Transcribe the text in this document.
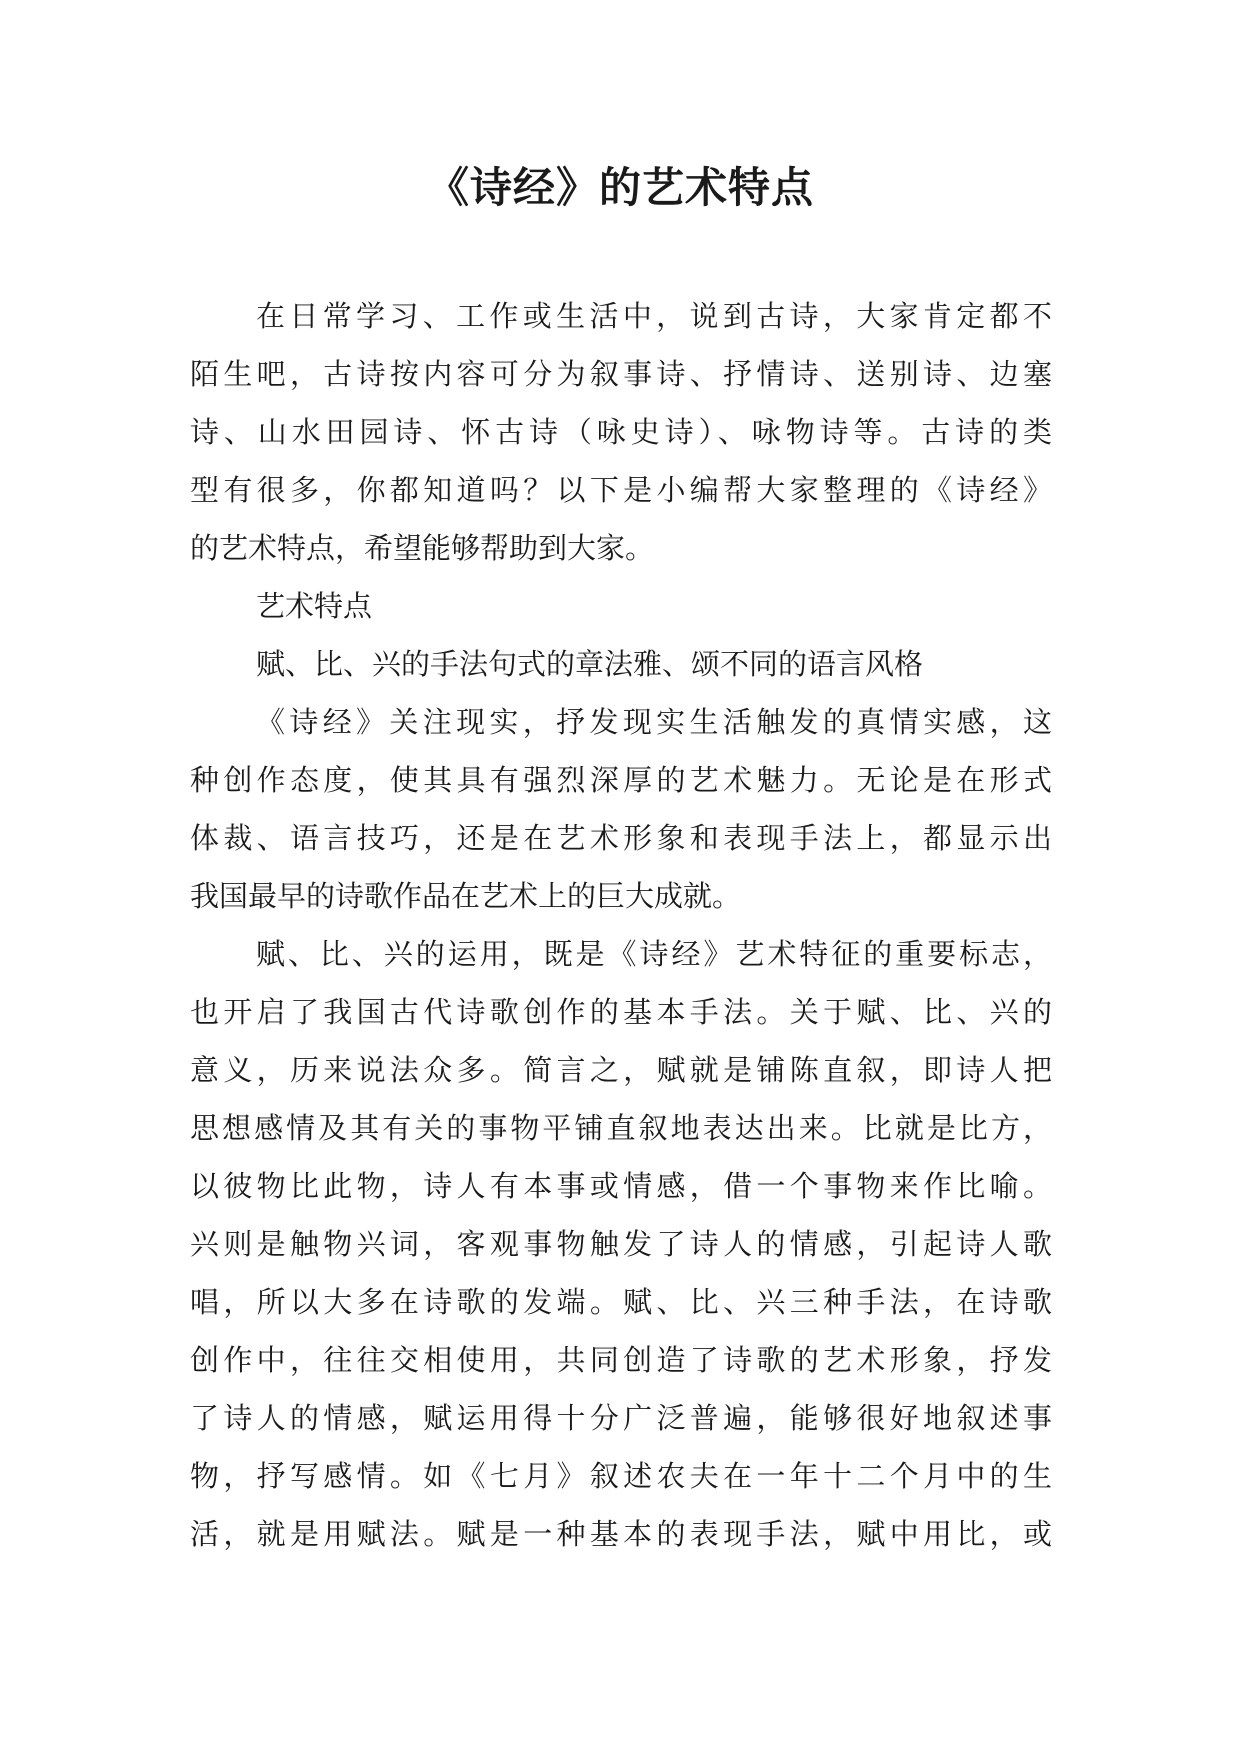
《诗经》的艺术特点
在日常学习、工作或生活中，说到古诗，大家肯定都不
陌生吧，古诗按内容可分为叙事诗、抒情诗、送别诗、边塞
诗、山水田园诗、怀古诗（咏史诗）、咏物诗等。古诗的类
型有很多，你都知道吗？以下是小编帮大家整理的《诗经》
的艺术特点，希望能够帮助到大家。
艺术特点
赋、比、兴的手法句式的章法雅、颂不同的语言风格
《诗经》关注现实，抒发现实生活触发的真情实感，这
种创作态度，使其具有强烈深厚的艺术魅力。无论是在形式
体裁、语言技巧，还是在艺术形象和表现手法上，都显示出
我国最早的诗歌作品在艺术上的巨大成就。
赋、比、兴的运用，既是《诗经》艺术特征的重要标志，
也开启了我国古代诗歌创作的基本手法。关于赋、比、兴的
意义，历来说法众多。简言之，赋就是铺陈直叙，即诗人把
思想感情及其有关的事物平铺直叙地表达出来。比就是比方，
以彼物比此物，诗人有本事或情感，借一个事物来作比喻。
兴则是触物兴词，客观事物触发了诗人的情感，引起诗人歌
唱，所以大多在诗歌的发端。赋、比、兴三种手法，在诗歌
创作中，往往交相使用，共同创造了诗歌的艺术形象，抒发
了诗人的情感，赋运用得十分广泛普遍，能够很好地叙述事
物，抒写感情。如《七月》叙述农夫在一年十二个月中的生
活，就是用赋法。赋是一种基本的表现手法，赋中用比，或
